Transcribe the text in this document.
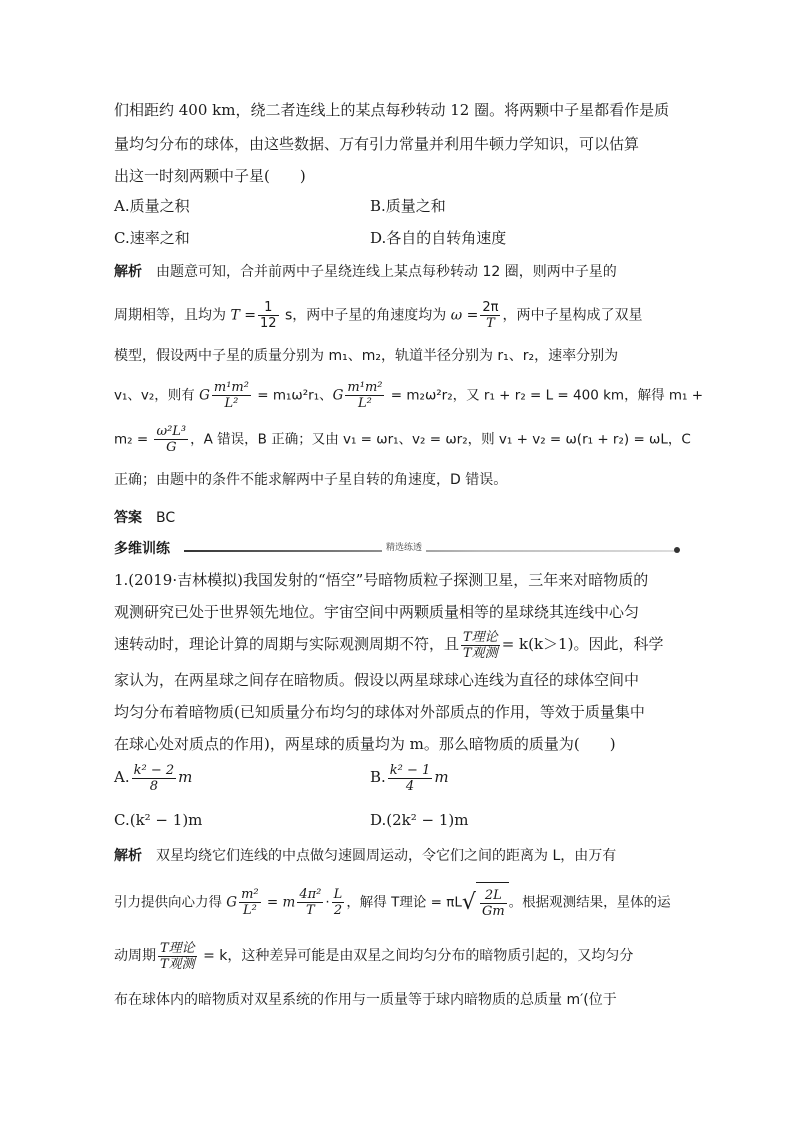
们相距约 400 km，绕二者连线上的某点每秒转动 12 圈。将两颗中子星都看作是质
量均匀分布的球体，由这些数据、万有引力常量并利用牛顿力学知识，可以估算
出这一时刻两颗中子星(　　)
A.质量之积	B.质量之和
C.速率之和	D.各自的自转角速度
解析 由题意可知，合并前两中子星绕连线上某点每秒转动 12 圈，则两中子星的
周期相等，且均为 $T = \frac{1}{12}$ s，两中子星的角速度均为 $\omega = \frac{2\pi}{T}$ ，两中子星构成了双星
模型，假设两中子星的质量分别为 m₁、m₂，轨道半径分别为 r₁、r₂，速率分别为
v₁、v₂，则有 G $\frac{\text{m¹m²}}{\text{L²}} = m_1\omega^2r_1$、G $\frac{\text{m¹m²}}{\text{L²}} = m_2\omega^2r_2$，又 r₁ + r₂ = L = 400 km，解得 m₁ +
$m_2 = \frac{\text{ω²L³}}{G}$ ，A 错误，B 正确；又由 v₁ = ωr₁、v₂ = ωr₂，则 v₁ + v₂ = ω(r₁ + r₂) = ωL，C
正确；由题中的条件不能求解两中子星自转的角速度，D 错误。
答案 BC
多维训练	精选练透
1.(2019·吉林模拟)我国发射的“悟空”号暗物质粒子探测卫星，三年来对暗物质的
观测研究已处于世界领先地位。宇宙空间中两颗质量相等的星球绕其连线中心匀
速转动时，理论计算的周期与实际观测周期不符，且 $\frac{\text{T理论}}{\text{T观测}} = k(k>1)$。因此，科学
家认为，在两星球之间存在暗物质。假设以两星球球心连线为直径的球体空间中
均匀分布着暗物质(已知质量分布均匀的球体对外部质点的作用，等效于质量集中
在球心处对质点的作用)，两星球的质量均为 m。那么暗物质的质量为(　　)
A. $\frac{\text{k² − 2}}{8}$ m	B. $\frac{\text{k² − 1}}{4}$ m
C.(k² − 1)m	D.(2k² − 1)m
解析 双星均绕它们连线的中点做匀速圆周运动，令它们之间的距离为 L，由万有
引力提供向心力得 G $\frac{\text{m²}}{\text{L²}} = m \frac{\text{4π²}}{T} \cdot \frac{L}{2}$ ，解得 T理论 = $\pi L√ \frac{2L}{Gm}$ 。根据观测结果，星体的运
动周期 $\frac{\text{T理论}}{\text{T观测}} = k$，这种差异可能是由双星之间均匀分布的暗物质引起的，又均匀分
布在球体内的暗物质对双星系统的作用与一质量等于球内暗物质的总质量 m′(位于
